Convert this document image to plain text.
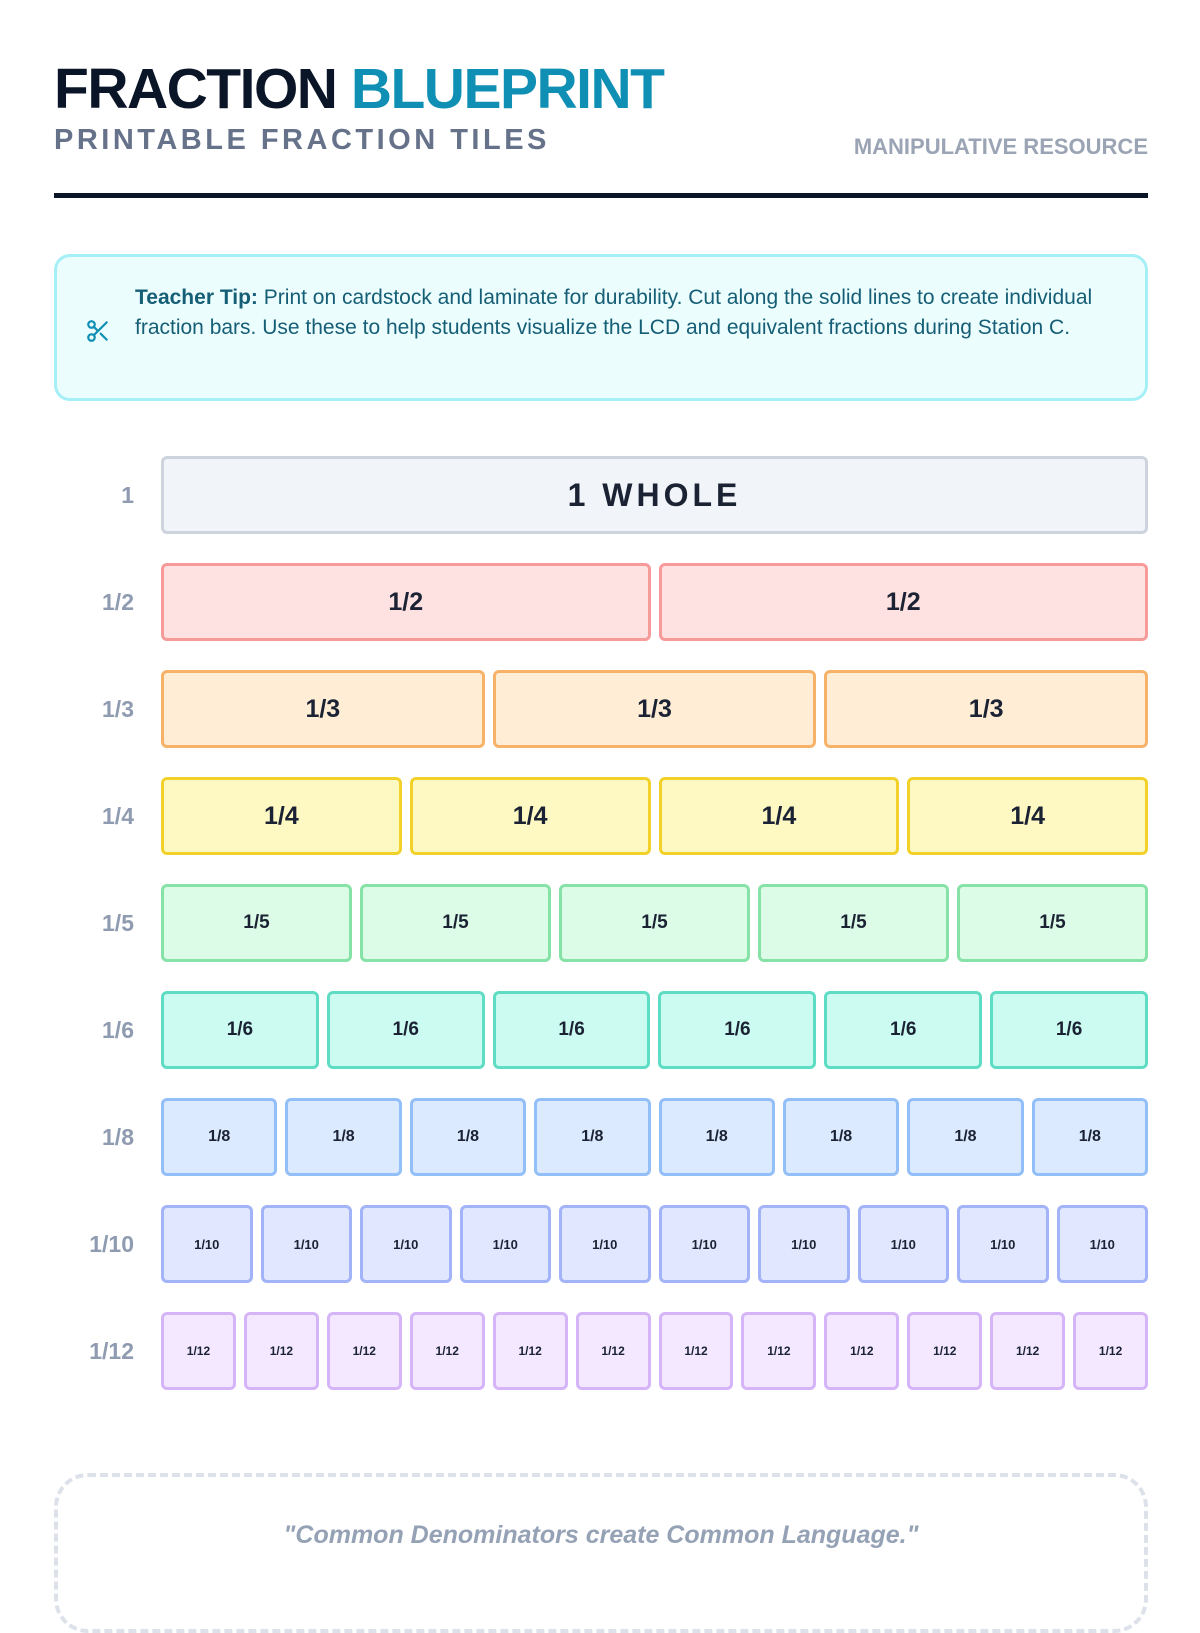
FRACTION BLUEPRINT
PRINTABLE FRACTION TILES	MANIPULATIVE RESOURCE

Teacher Tip: Print on cardstock and laminate for durability. Cut along the solid lines to create individual fraction bars. Use these to help students visualize the LCD and equivalent fractions during Station C.

1	1 WHOLE
1/2	1/2	1/2
1/3	1/3	1/3	1/3
1/4	1/4	1/4	1/4	1/4
1/5	1/5	1/5	1/5	1/5	1/5
1/6	1/6	1/6	1/6	1/6	1/6	1/6
1/8	1/8	1/8	1/8	1/8	1/8	1/8	1/8	1/8
1/10	1/10	1/10	1/10	1/10	1/10	1/10	1/10	1/10	1/10	1/10
1/12	1/12	1/12	1/12	1/12	1/12	1/12	1/12	1/12	1/12	1/12	1/12	1/12
"Common Denominators create Common Language."
